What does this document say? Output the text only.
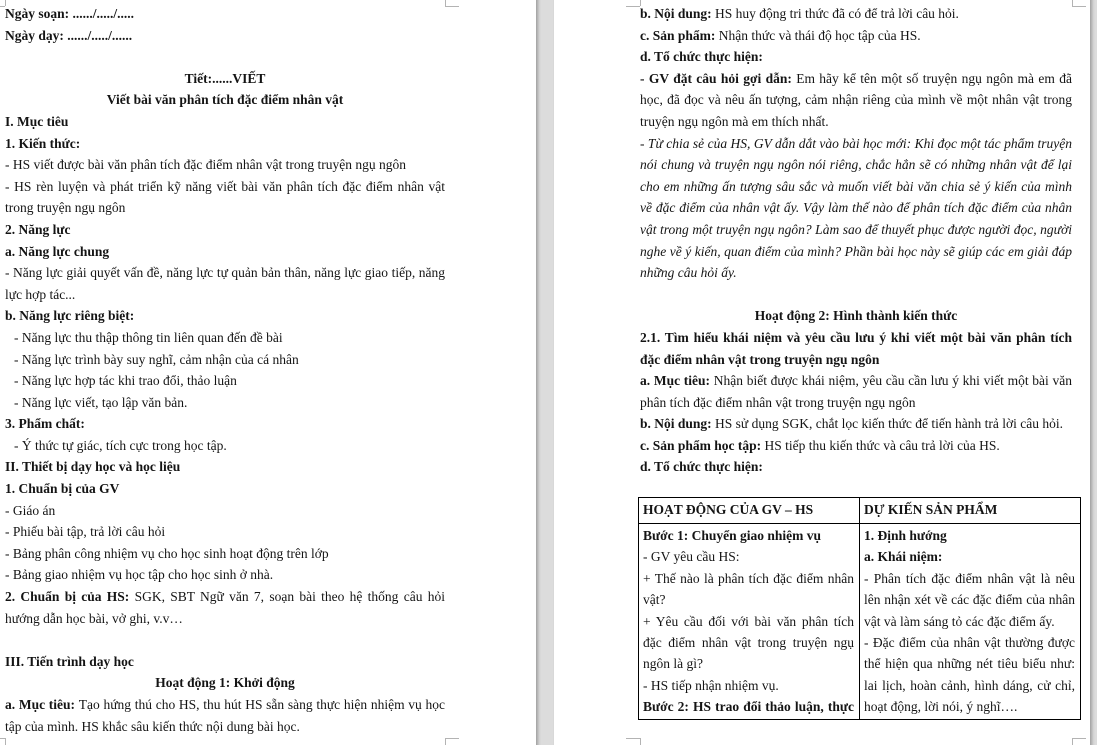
Ngày soạn: ....../...../.....
Ngày dạy: ....../...../......

Tiết:......VIẾT
Viết bài văn phân tích đặc điểm nhân vật
I. Mục tiêu
1. Kiến thức:
- HS viết được bài văn phân tích đặc điểm nhân vật trong truyện ngụ ngôn
- HS rèn luyện và phát triển kỹ năng viết bài văn phân tích đặc điểm nhân vật trong truyện ngụ ngôn
2. Năng lực
a. Năng lực chung
- Năng lực giải quyết vấn đề, năng lực tự quản bản thân, năng lực giao tiếp, năng lực hợp tác...
b. Năng lực riêng biệt:
- Năng lực thu thập thông tin liên quan đến đề bài
- Năng lực trình bày suy nghĩ, cảm nhận của cá nhân
- Năng lực hợp tác khi trao đổi, thảo luận
- Năng lực viết, tạo lập văn bản.
3. Phẩm chất:
- Ý thức tự giác, tích cực trong học tập.
II. Thiết bị dạy học và học liệu
1. Chuẩn bị của GV
- Giáo án
- Phiếu bài tập, trả lời câu hỏi
- Bảng phân công nhiệm vụ cho học sinh hoạt động trên lớp
- Bảng giao nhiệm vụ học tập cho học sinh ở nhà.
2. Chuẩn bị của HS: SGK, SBT Ngữ văn 7, soạn bài theo hệ thống câu hỏi hướng dẫn học bài, vở ghi, v.v…

III. Tiến trình dạy học
Hoạt động 1: Khởi động
a. Mục tiêu: Tạo hứng thú cho HS, thu hút HS sẵn sàng thực hiện nhiệm vụ học tập của mình. HS khắc sâu kiến thức nội dung bài học.
b. Nội dung: HS huy động tri thức đã có để trả lời câu hỏi.
c. Sản phẩm: Nhận thức và thái độ học tập của HS.
d. Tổ chức thực hiện:
- GV đặt câu hỏi gợi dẫn: Em hãy kể tên một số truyện ngụ ngôn mà em đã học, đã đọc và nêu ấn tượng, cảm nhận riêng của mình về một nhân vật trong truyện ngụ ngôn mà em thích nhất.
- Từ chia sẻ của HS, GV dẫn dắt vào bài học mới: Khi đọc một tác phẩm truyện nói chung và truyện ngụ ngôn nói riêng, chắc hẳn sẽ có những nhân vật để lại cho em những ấn tượng sâu sắc và muốn viết bài văn chia sẻ ý kiến của mình về đặc điểm của nhân vật ấy. Vậy làm thế nào để phân tích đặc điểm của nhân vật trong một truyện ngụ ngôn? Làm sao để thuyết phục được người đọc, người nghe về ý kiến, quan điểm của mình? Phần bài học này sẽ giúp các em giải đáp những câu hỏi ấy.

Hoạt động 2: Hình thành kiến thức
2.1. Tìm hiểu khái niệm và yêu cầu lưu ý khi viết một bài văn phân tích đặc điểm nhân vật trong truyện ngụ ngôn
a. Mục tiêu: Nhận biết được khái niệm, yêu cầu cần lưu ý khi viết một bài văn phân tích đặc điểm nhân vật trong truyện ngụ ngôn
b. Nội dung: HS sử dụng SGK, chắt lọc kiến thức để tiến hành trả lời câu hỏi.
c. Sản phẩm học tập: HS tiếp thu kiến thức và câu trả lời của HS.
d. Tổ chức thực hiện:
HOẠT ĐỘNG CỦA GV – HS	DỰ KIẾN SẢN PHẨM

Bước 1: Chuyển giao nhiệm vụ
- GV yêu cầu HS:
+ Thế nào là phân tích đặc điểm nhân vật?
+ Yêu cầu đối với bài văn phân tích đặc điểm nhân vật trong truyện ngụ ngôn là gì?
- HS tiếp nhận nhiệm vụ.
Bước 2: HS trao đổi thảo luận, thực

1. Định hướng
a. Khái niệm:
- Phân tích đặc điểm nhân vật là nêu lên nhận xét về các đặc điểm của nhân vật và làm sáng tỏ các đặc điểm ấy.
- Đặc điểm của nhân vật thường được thể hiện qua những nét tiêu biểu như: lai lịch, hoàn cảnh, hình dáng, cử chỉ, hoạt động, lời nói, ý nghĩ….
